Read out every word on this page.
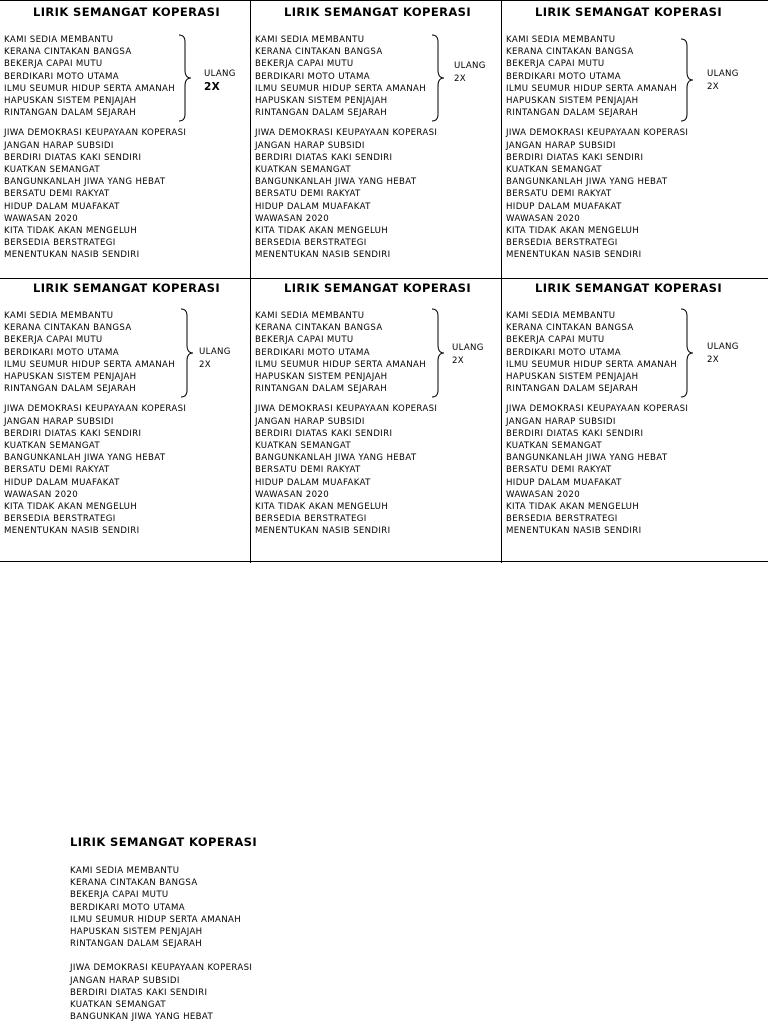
LIRIK SEMANGAT KOPERASI
KAMI SEDIA MEMBANTU
KERANA CINTAKAN BANGSA
BEKERJA CAPAI MUTU
BERDIKARI MOTO UTAMA
ILMU SEUMUR HIDUP SERTA AMANAH
HAPUSKAN SISTEM PENJAJAH
RINTANGAN DALAM SEJARAH
JIWA DEMOKRASI KEUPAYAAN KOPERASI
JANGAN HARAP SUBSIDI
BERDIRI DIATAS KAKI SENDIRI
KUATKAN SEMANGAT
BANGUNKANLAH JIWA YANG HEBAT
BERSATU DEMI RAKYAT
HIDUP DALAM MUAFAKAT
WAWASAN 2020
KITA TIDAK AKAN MENGELUH
BERSEDIA BERSTRATEGI
MENENTUKAN NASIB SENDIRI
ULANG
2X
LIRIK SEMANGAT KOPERASI
KAMI SEDIA MEMBANTU
KERANA CINTAKAN BANGSA
BEKERJA CAPAI MUTU
BERDIKARI MOTO UTAMA
ILMU SEUMUR HIDUP SERTA AMANAH
HAPUSKAN SISTEM PENJAJAH
RINTANGAN DALAM SEJARAH
JIWA DEMOKRASI KEUPAYAAN KOPERASI
JANGAN HARAP SUBSIDI
BERDIRI DIATAS KAKI SENDIRI
KUATKAN SEMANGAT
BANGUNKANLAH JIWA YANG HEBAT
BERSATU DEMI RAKYAT
HIDUP DALAM MUAFAKAT
WAWASAN 2020
KITA TIDAK AKAN MENGELUH
BERSEDIA BERSTRATEGI
MENENTUKAN NASIB SENDIRI
ULANG
2X
LIRIK SEMANGAT KOPERASI
KAMI SEDIA MEMBANTU
KERANA CINTAKAN BANGSA
BEKERJA CAPAI MUTU
BERDIKARI MOTO UTAMA
ILMU SEUMUR HIDUP SERTA AMANAH
HAPUSKAN SISTEM PENJAJAH
RINTANGAN DALAM SEJARAH
JIWA DEMOKRASI KEUPAYAAN KOPERASI
JANGAN HARAP SUBSIDI
BERDIRI DIATAS KAKI SENDIRI
KUATKAN SEMANGAT
BANGUNKANLAH JIWA YANG HEBAT
BERSATU DEMI RAKYAT
HIDUP DALAM MUAFAKAT
WAWASAN 2020
KITA TIDAK AKAN MENGELUH
BERSEDIA BERSTRATEGI
MENENTUKAN NASIB SENDIRI
ULANG
2X
LIRIK SEMANGAT KOPERASI
KAMI SEDIA MEMBANTU
KERANA CINTAKAN BANGSA
BEKERJA CAPAI MUTU
BERDIKARI MOTO UTAMA
ILMU SEUMUR HIDUP SERTA AMANAH
HAPUSKAN SISTEM PENJAJAH
RINTANGAN DALAM SEJARAH
JIWA DEMOKRASI KEUPAYAAN KOPERASI
JANGAN HARAP SUBSIDI
BERDIRI DIATAS KAKI SENDIRI
KUATKAN SEMANGAT
BANGUNKANLAH JIWA YANG HEBAT
BERSATU DEMI RAKYAT
HIDUP DALAM MUAFAKAT
WAWASAN 2020
KITA TIDAK AKAN MENGELUH
BERSEDIA BERSTRATEGI
MENENTUKAN NASIB SENDIRI
ULANG
2X
LIRIK SEMANGAT KOPERASI
KAMI SEDIA MEMBANTU
KERANA CINTAKAN BANGSA
BEKERJA CAPAI MUTU
BERDIKARI MOTO UTAMA
ILMU SEUMUR HIDUP SERTA AMANAH
HAPUSKAN SISTEM PENJAJAH
RINTANGAN DALAM SEJARAH
JIWA DEMOKRASI KEUPAYAAN KOPERASI
JANGAN HARAP SUBSIDI
BERDIRI DIATAS KAKI SENDIRI
KUATKAN SEMANGAT
BANGUNKANLAH JIWA YANG HEBAT
BERSATU DEMI RAKYAT
HIDUP DALAM MUAFAKAT
WAWASAN 2020
KITA TIDAK AKAN MENGELUH
BERSEDIA BERSTRATEGI
MENENTUKAN NASIB SENDIRI
ULANG
2X
LIRIK SEMANGAT KOPERASI
KAMI SEDIA MEMBANTU
KERANA CINTAKAN BANGSA
BEKERJA CAPAI MUTU
BERDIKARI MOTO UTAMA
ILMU SEUMUR HIDUP SERTA AMANAH
HAPUSKAN SISTEM PENJAJAH
RINTANGAN DALAM SEJARAH
JIWA DEMOKRASI KEUPAYAAN KOPERASI
JANGAN HARAP SUBSIDI
BERDIRI DIATAS KAKI SENDIRI
KUATKAN SEMANGAT
BANGUNKANLAH JIWA YANG HEBAT
BERSATU DEMI RAKYAT
HIDUP DALAM MUAFAKAT
WAWASAN 2020
KITA TIDAK AKAN MENGELUH
BERSEDIA BERSTRATEGI
MENENTUKAN NASIB SENDIRI
ULANG
2X
LIRIK SEMANGAT KOPERASI
KAMI SEDIA MEMBANTU
KERANA CINTAKAN BANGSA
BEKERJA CAPAI MUTU
BERDIKARI MOTO UTAMA
ILMU SEUMUR HIDUP SERTA AMANAH
HAPUSKAN SISTEM PENJAJAH
RINTANGAN DALAM SEJARAH
JIWA DEMOKRASI KEUPAYAAN KOPERASI
JANGAN HARAP SUBSIDI
BERDIRI DIATAS KAKI SENDIRI
KUATKAN SEMANGAT
BANGUNKAN JIWA YANG HEBAT
